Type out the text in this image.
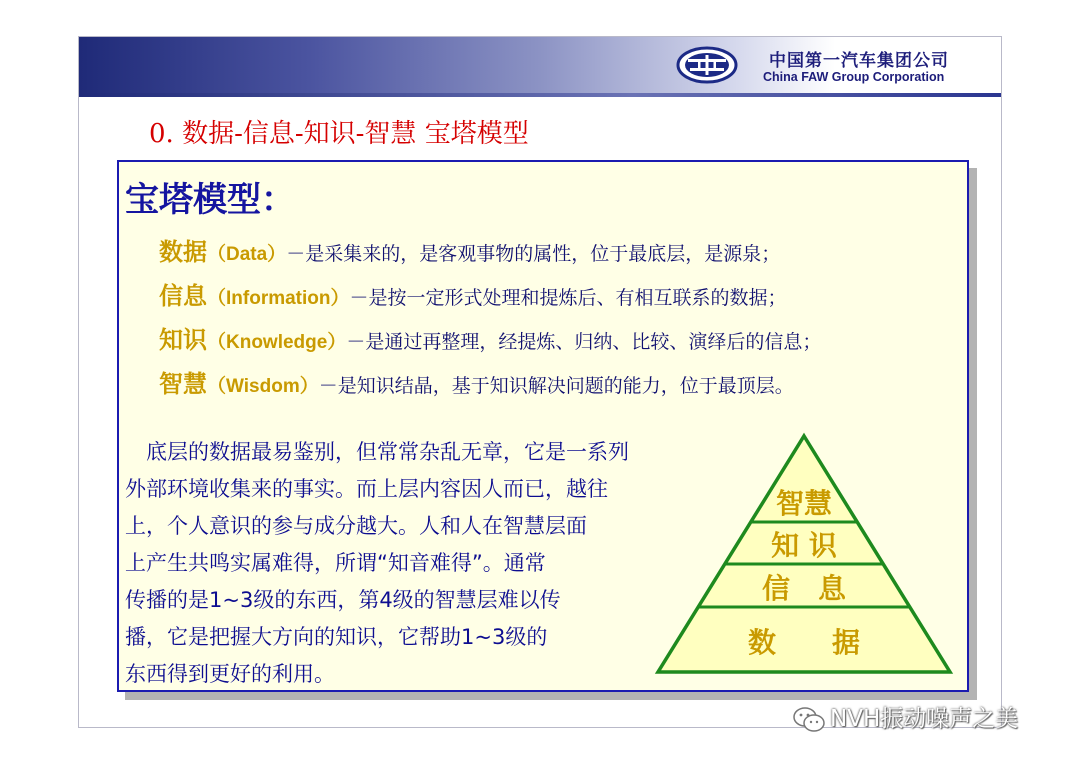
中国第一汽车集团公司
China FAW Group Corporation
0. 数据-信息-知识-智慧 宝塔模型
宝塔模型：
数据（Data）－是采集来的，是客观事物的属性，位于最底层，是源泉；
信息（Information）－是按一定形式处理和提炼后、有相互联系的数据；
知识（Knowledge）－是通过再整理，经提炼、归纳、比较、演绎后的信息；
智慧（Wisdom）－是知识结晶，基于知识解决问题的能力，位于最顶层。
　底层的数据最易鉴别，但常常杂乱无章，它是一系列
外部环境收集来的事实。而上层内容因人而已，越往
上，个人意识的参与成分越大。人和人在智慧层面
上产生共鸣实属难得，所谓“知音难得”。通常
传播的是1~3级的东西，第4级的智慧层难以传
播，它是把握大方向的知识，它帮助1~3级的
东西得到更好的利用。
智慧
知 识
信　息
数　　据
NVH振动噪声之美
